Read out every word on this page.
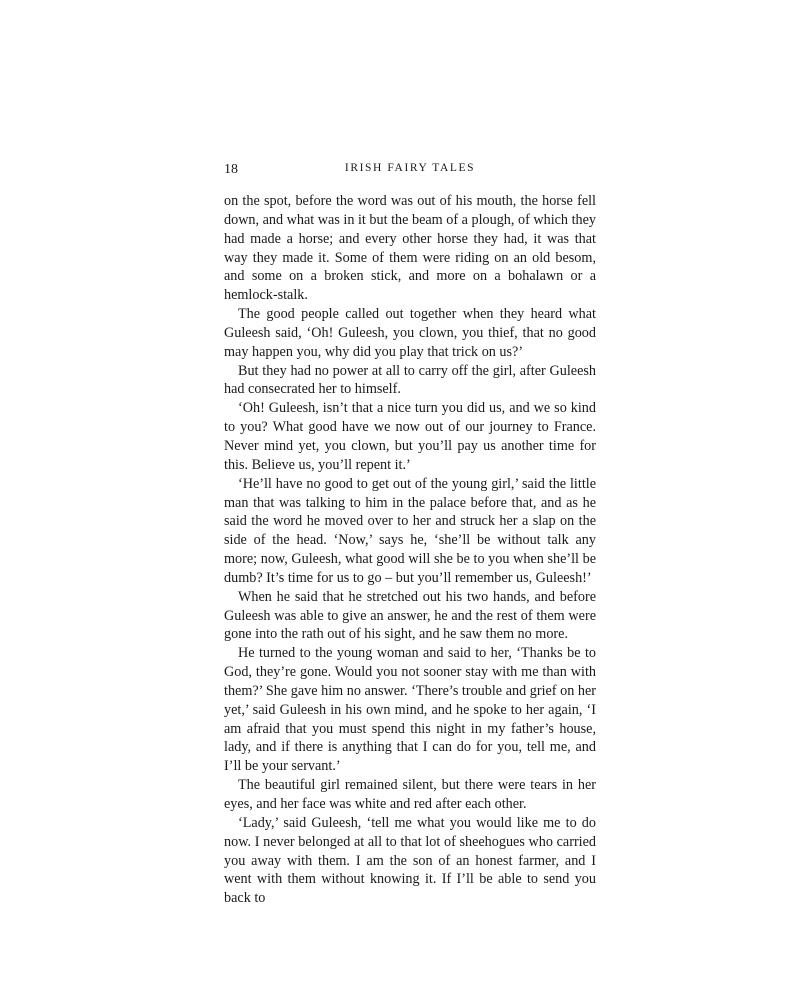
18	IRISH FAIRY TALES

on the spot, before the word was out of his mouth, the horse fell down, and what was in it but the beam of a plough, of which they had made a horse; and every other horse they had, it was that way they made it. Some of them were riding on an old besom, and some on a broken stick, and more on a bohalawn or a hemlock-stalk.

The good people called out together when they heard what Guleesh said, ‘Oh! Guleesh, you clown, you thief, that no good may happen you, why did you play that trick on us?’

But they had no power at all to carry off the girl, after Guleesh had consecrated her to himself.

‘Oh! Guleesh, isn’t that a nice turn you did us, and we so kind to you? What good have we now out of our journey to France. Never mind yet, you clown, but you’ll pay us another time for this. Believe us, you’ll repent it.’

‘He’ll have no good to get out of the young girl,’ said the little man that was talking to him in the palace before that, and as he said the word he moved over to her and struck her a slap on the side of the head. ‘Now,’ says he, ‘she’ll be without talk any more; now, Guleesh, what good will she be to you when she’ll be dumb? It’s time for us to go – but you’ll remember us, Guleesh!’

When he said that he stretched out his two hands, and before Guleesh was able to give an answer, he and the rest of them were gone into the rath out of his sight, and he saw them no more.

He turned to the young woman and said to her, ‘Thanks be to God, they’re gone. Would you not sooner stay with me than with them?’ She gave him no answer. ‘There’s trouble and grief on her yet,’ said Guleesh in his own mind, and he spoke to her again, ‘I am afraid that you must spend this night in my father’s house, lady, and if there is anything that I can do for you, tell me, and I’ll be your servant.’

The beautiful girl remained silent, but there were tears in her eyes, and her face was white and red after each other.

‘Lady,’ said Guleesh, ‘tell me what you would like me to do now. I never belonged at all to that lot of sheehogues who carried you away with them. I am the son of an honest farmer, and I went with them without knowing it. If I’ll be able to send you back to
